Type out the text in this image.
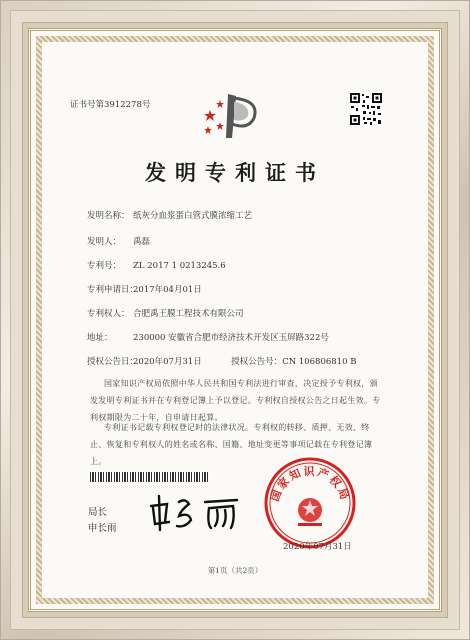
证书号第3912278号
发明专利证书
发明名称： 纸灰分血浆蛋白管式膜浓缩工艺
发明人： 禹磊
专利号： ZL 2017 1 0213245.6
专利申请日：2017年04月01日
专利权人： 合肥禹王膜工程技术有限公司
地址： 230000 安徽省合肥市经济技术开发区玉屏路322号
授权公告日：2020年07月31日	授权公告号：CN 106806810 B
国家知识产权局依照中华人民共和国专利法进行审查，决定授予专利权，颁发发明专利证书并在专利登记簿上予以登记。专利权自授权公告之日起生效。专利权期限为二十年，自申请日起算。
专利证书记载专利权登记时的法律状况。专利权的转移、质押、无效、终止、恢复和专利权人的姓名或名称、国籍、地址变更等事项记载在专利登记簿上。
局长
申长雨
国家知识产权局
2020年07月31日
第1页（共2页）
